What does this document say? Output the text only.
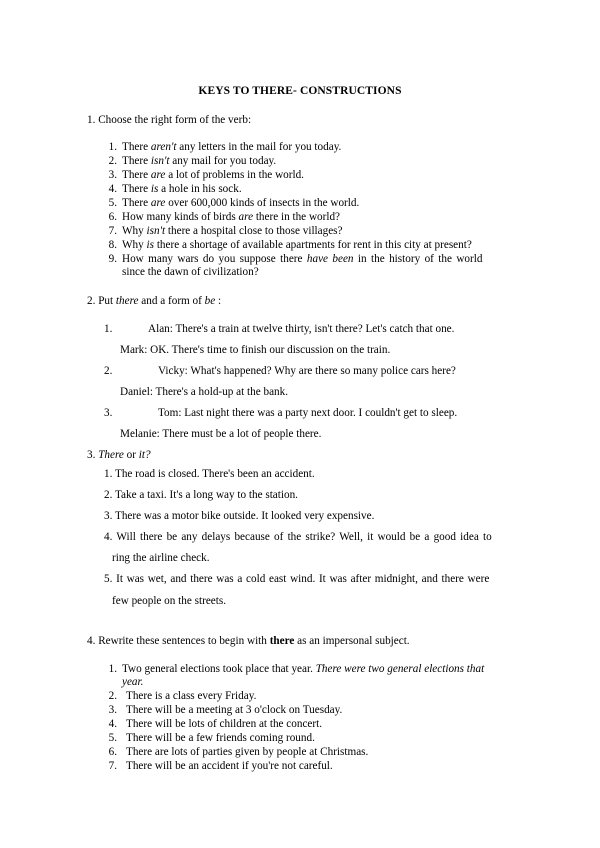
KEYS TO THERE- CONSTRUCTIONS
1. Choose the right form of the verb:
1. There aren't any letters in the mail for you today.
2. There isn't any mail for you today.
3. There are a lot of problems in the world.
4. There is a hole in his sock.
5. There are over 600,000 kinds of insects in the world.
6. How many kinds of birds are there in the world?
7. Why isn't there a hospital close to those villages?
8. Why is there a shortage of available apartments for rent in this city at present?
9. How many wars do you suppose there have been in the history of the world
since the dawn of civilization?
2. Put there and a form of be :
1.	Alan: There's a train at twelve thirty, isn't there? Let's catch that one.
Mark: OK. There's time to finish our discussion on the train.
2.	Vicky: What's happened? Why are there so many police cars here?
Daniel: There's a hold-up at the bank.
3.	Tom: Last night there was a party next door. I couldn't get to sleep.
Melanie: There must be a lot of people there.
3. There or it?
1. The road is closed. There's been an accident.
2. Take a taxi. It's a long way to the station.
3. There was a motor bike outside. It looked very expensive.
4. Will there be any delays because of the strike? Well, it would be a good idea to
ring the airline check.
5. It was wet, and there was a cold east wind. It was after midnight, and there were
few people on the streets.
4. Rewrite these sentences to begin with there as an impersonal subject.
1. Two general elections took place that year. There were two general elections that
year.
2. There is a class every Friday.
3. There will be a meeting at 3 o'clock on Tuesday.
4. There will be lots of children at the concert.
5. There will be a few friends coming round.
6. There are lots of parties given by people at Christmas.
7. There will be an accident if you're not careful.
